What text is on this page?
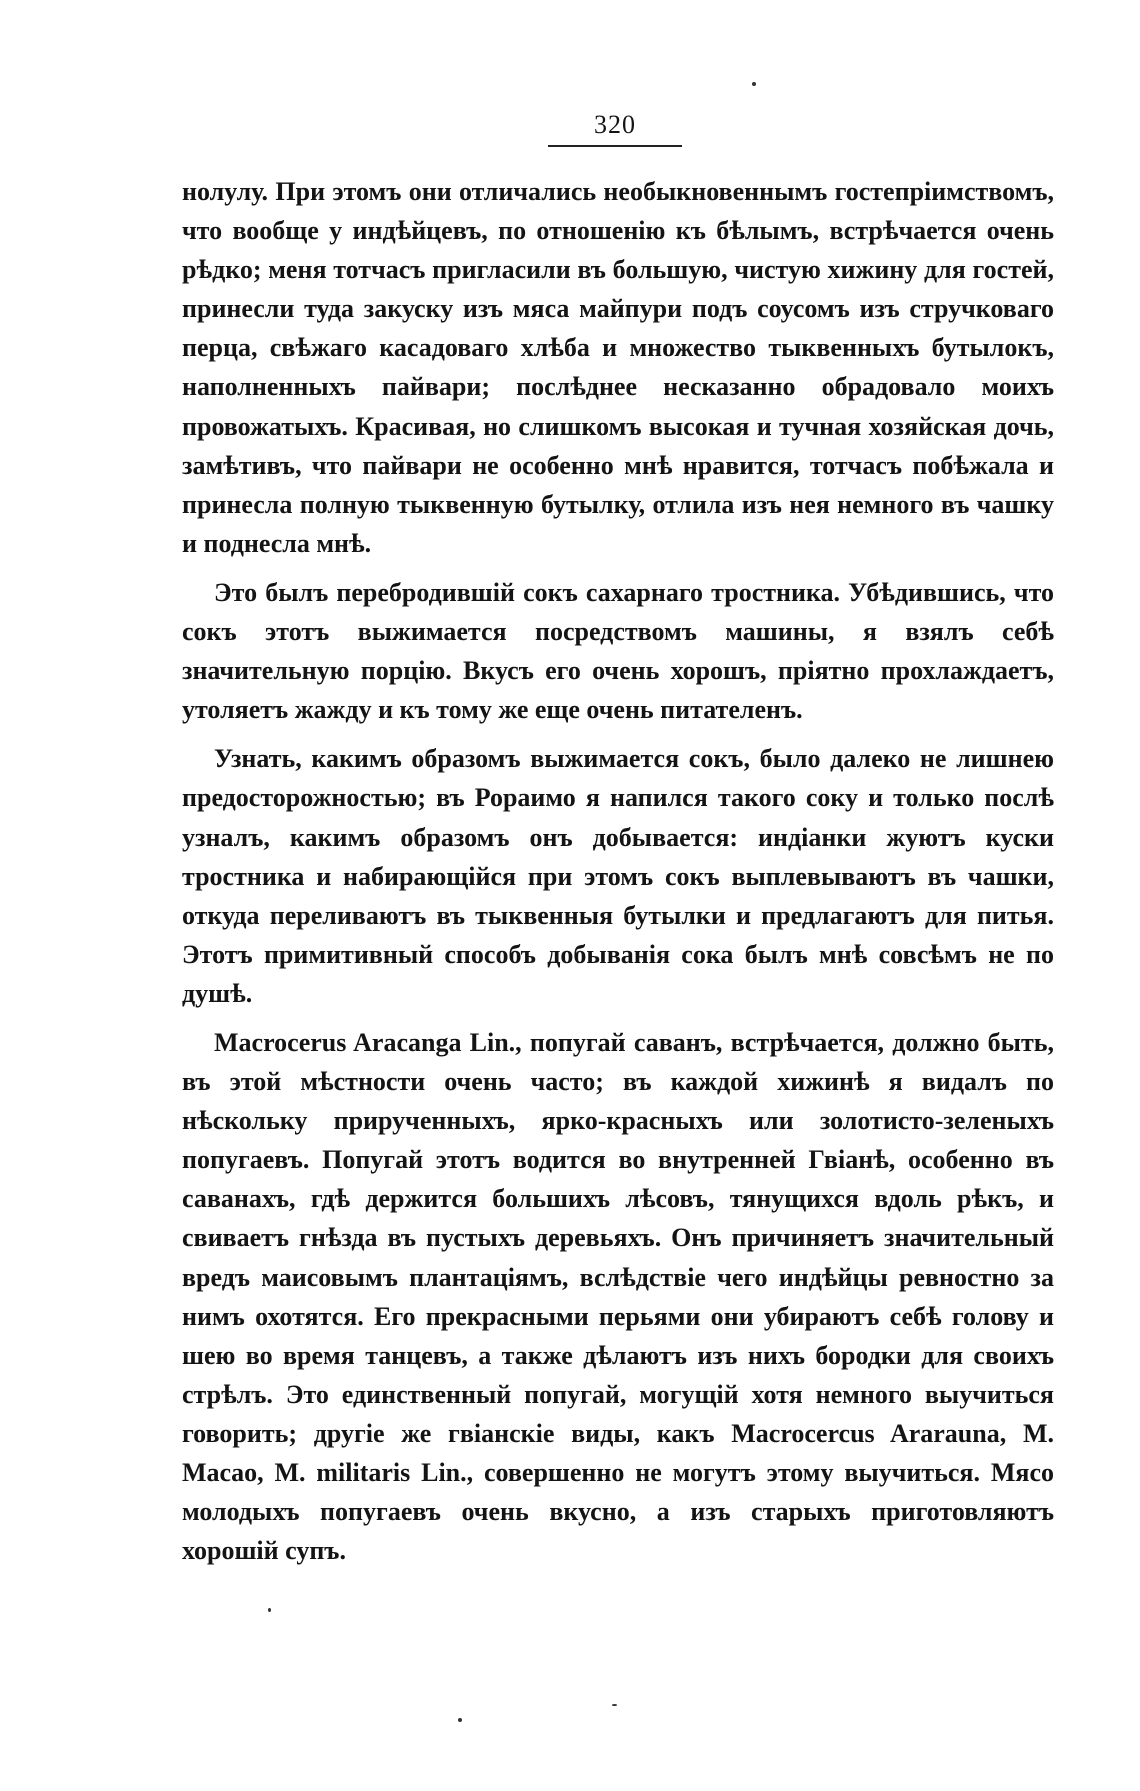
320

нолулу. При этомъ они отличались необыкновеннымъ гостепріимствомъ, что вообще у индѣйцевъ, по отношенію къ бѣлымъ, встрѣчается очень рѣдко; меня тотчасъ пригласили въ большую, чистую хижину для гостей, принесли туда закуску изъ мяса майпури подъ соусомъ изъ стручковаго перца, свѣжаго касадоваго хлѣба и множество тыквенныхъ бутылокъ, наполненныхъ пайвари; послѣднее несказанно обрадовало моихъ провожатыхъ. Красивая, но слишкомъ высокая и тучная хозяйская дочь, замѣтивъ, что пайвари не особенно мнѣ нравится, тотчасъ побѣжала и принесла полную тыквенную бутылку, отлила изъ нея немного въ чашку и поднесла мнѣ.

Это былъ перебродившій сокъ сахарнаго тростника. Убѣдившись, что сокъ этотъ выжимается посредствомъ машины, я взялъ себѣ значительную порцію. Вкусъ его очень хорошъ, пріятно прохлаждаетъ, утоляетъ жажду и къ тому же еще очень питателенъ.

Узнать, какимъ образомъ выжимается сокъ, было далеко не лишнею предосторожностью; въ Рораимо я напился такого соку и только послѣ узналъ, какимъ образомъ онъ добывается: индіанки жуютъ куски тростника и набирающійся при этомъ сокъ выплевываютъ въ чашки, откуда переливаютъ въ тыквенныя бутылки и предлагаютъ для питья. Этотъ примитивный способъ добыванія сока былъ мнѣ совсѣмъ не по душѣ.

Macrocerus Aracanga Lin., попугай саванъ, встрѣчается, должно быть, въ этой мѣстности очень часто; въ каждой хижинѣ я видалъ по нѣскольку прирученныхъ, ярко-красныхъ или золотисто-зеленыхъ попугаевъ. Попугай этотъ водится во внутренней Гвіанѣ, особенно въ саванахъ, гдѣ держится большихъ лѣсовъ, тянущихся вдоль рѣкъ, и свиваетъ гнѣзда въ пустыхъ деревьяхъ. Онъ причиняетъ значительный вредъ маисовымъ плантаціямъ, вслѣдствіе чего индѣйцы ревностно за нимъ охотятся. Его прекрасными перьями они убираютъ себѣ голову и шею во время танцевъ, а также дѣлаютъ изъ нихъ бородки для своихъ стрѣлъ. Это единственный попугай, могущій хотя немного выучиться говорить; другіе же гвіанскіе виды, какъ Macrocercus Araraunа, M. Macao, M. militaris Lin., совершенно не могутъ этому выучиться. Мясо молодыхъ попугаевъ очень вкусно, а изъ старыхъ приготовляютъ хорошій супъ.
